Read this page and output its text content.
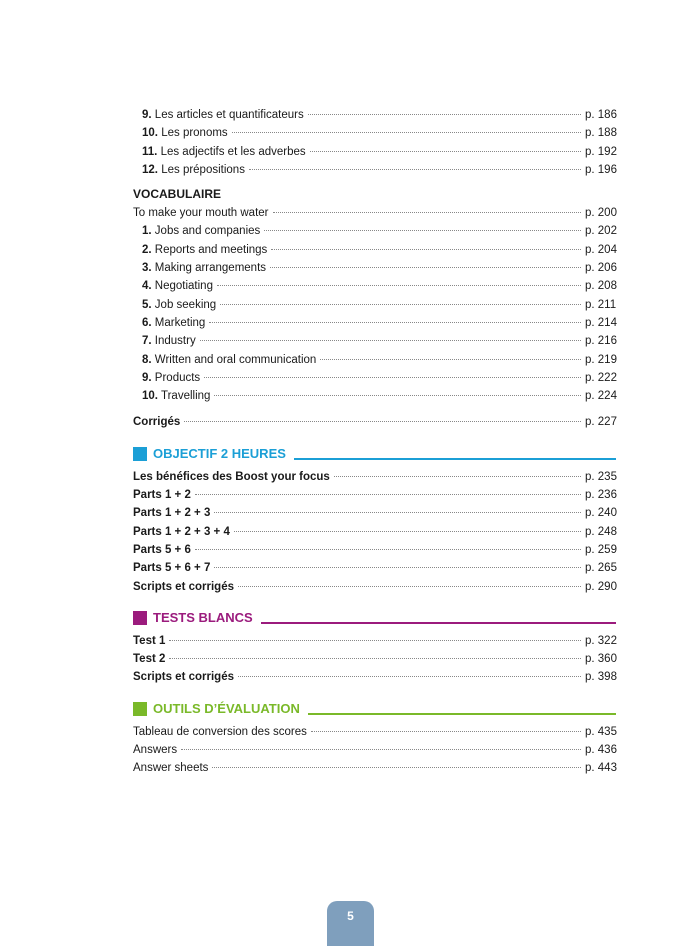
9. Les articles et quantificateurs	p. 186
10. Les pronoms	p. 188
11. Les adjectifs et les adverbes	p. 192
12. Les prépositions	p. 196
VOCABULAIRE
To make your mouth water	p. 200
1. Jobs and companies	p. 202
2. Reports and meetings	p. 204
3. Making arrangements	p. 206
4. Negotiating	p. 208
5. Job seeking	p. 211
6. Marketing	p. 214
7. Industry	p. 216
8. Written and oral communication	p. 219
9. Products	p. 222
10. Travelling	p. 224
Corrigés	p. 227
OBJECTIF 2 HEURES
Les bénéfices des Boost your focus	p. 235
Parts 1 + 2	p. 236
Parts 1 + 2 + 3	p. 240
Parts 1 + 2 + 3 + 4	p. 248
Parts 5 + 6	p. 259
Parts 5 + 6 + 7	p. 265
Scripts et corrigés	p. 290
TESTS BLANCS
Test 1	p. 322
Test 2	p. 360
Scripts et corrigés	p. 398
OUTILS D’ÉVALUATION
Tableau de conversion des scores	p. 435
Answers	p. 436
Answer sheets	p. 443
5
